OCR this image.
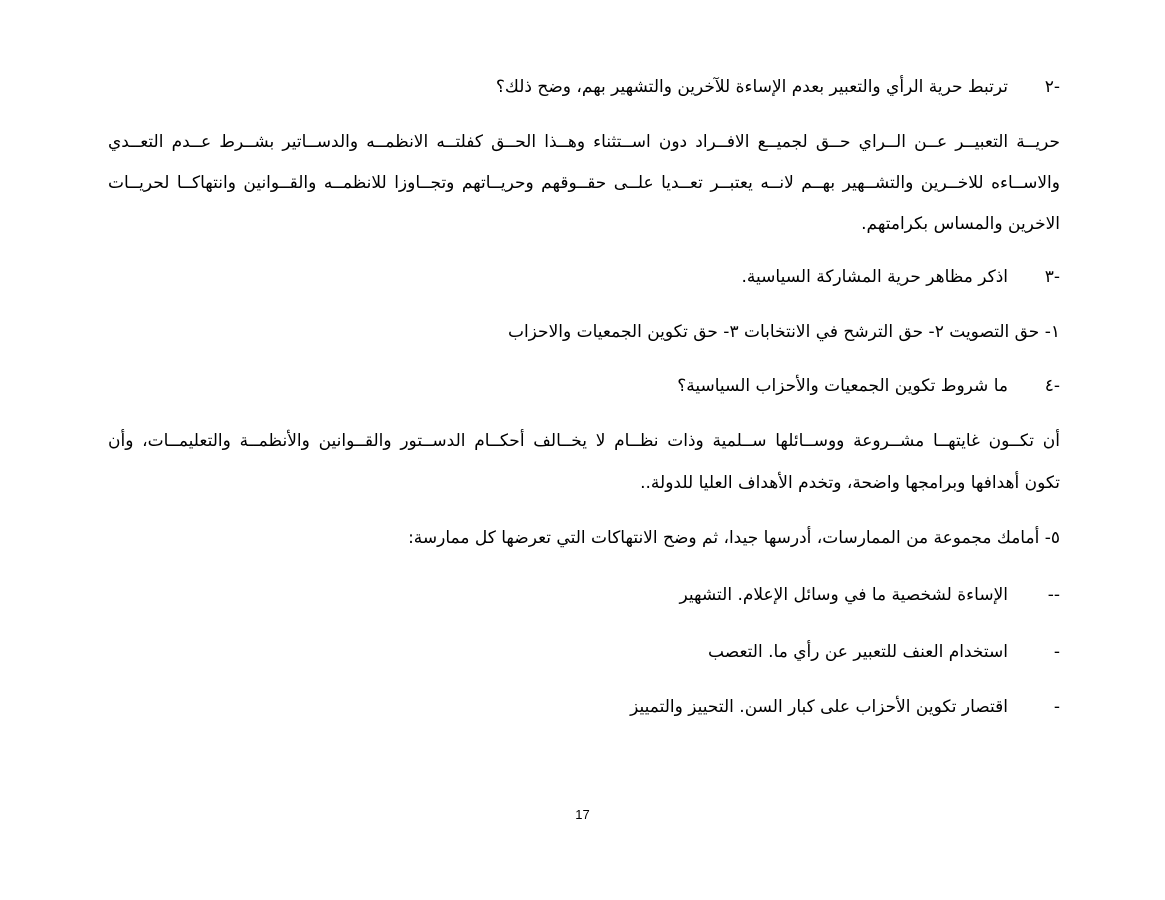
-٢
ترتبط حرية الرأي والتعبير بعدم الإساءة للآخرين والتشهير بهم، وضح ذلك؟
حريــة التعبيــر عــن الــراي حــق لجميــع الافــراد دون اســتثناء وهــذا الحــق كفلتــه الانظمــه والدســاتير بشــرط عــدم التعــدي
والاســاءه للاخــرين والتشــهير بهــم لانــه يعتبــر تعــديا علــى حقــوقهم وحريــاتهم وتجــاوزا للانظمــه والقــوانين وانتهاكــا لحريــات
الاخرين والمساس بكرامتهم.
-٣
اذكر مظاهر حرية المشاركة السياسية.
١- حق التصويت ٢- حق الترشح في الانتخابات ٣- حق تكوين الجمعيات والاحزاب
-٤
ما شروط تكوين الجمعيات والأحزاب السياسية؟
أن تكــون غايتهــا مشــروعة ووســائلها ســلمية وذات نظــام لا يخــالف أحكــام الدســتور والقــوانين والأنظمــة والتعليمــات، وأن
تكون أهدافها وبرامجها واضحة، وتخدم الأهداف العليا للدولة..
٥- أمامك مجموعة من الممارسات، أدرسها جيدا، ثم وضح الانتهاكات التي تعرضها كل ممارسة:
--
الإساءة لشخصية ما في وسائل الإعلام. التشهير
-
استخدام العنف للتعبير عن رأي ما. التعصب
-
اقتصار تكوين الأحزاب على كبار السن. التحييز والتمييز
17
